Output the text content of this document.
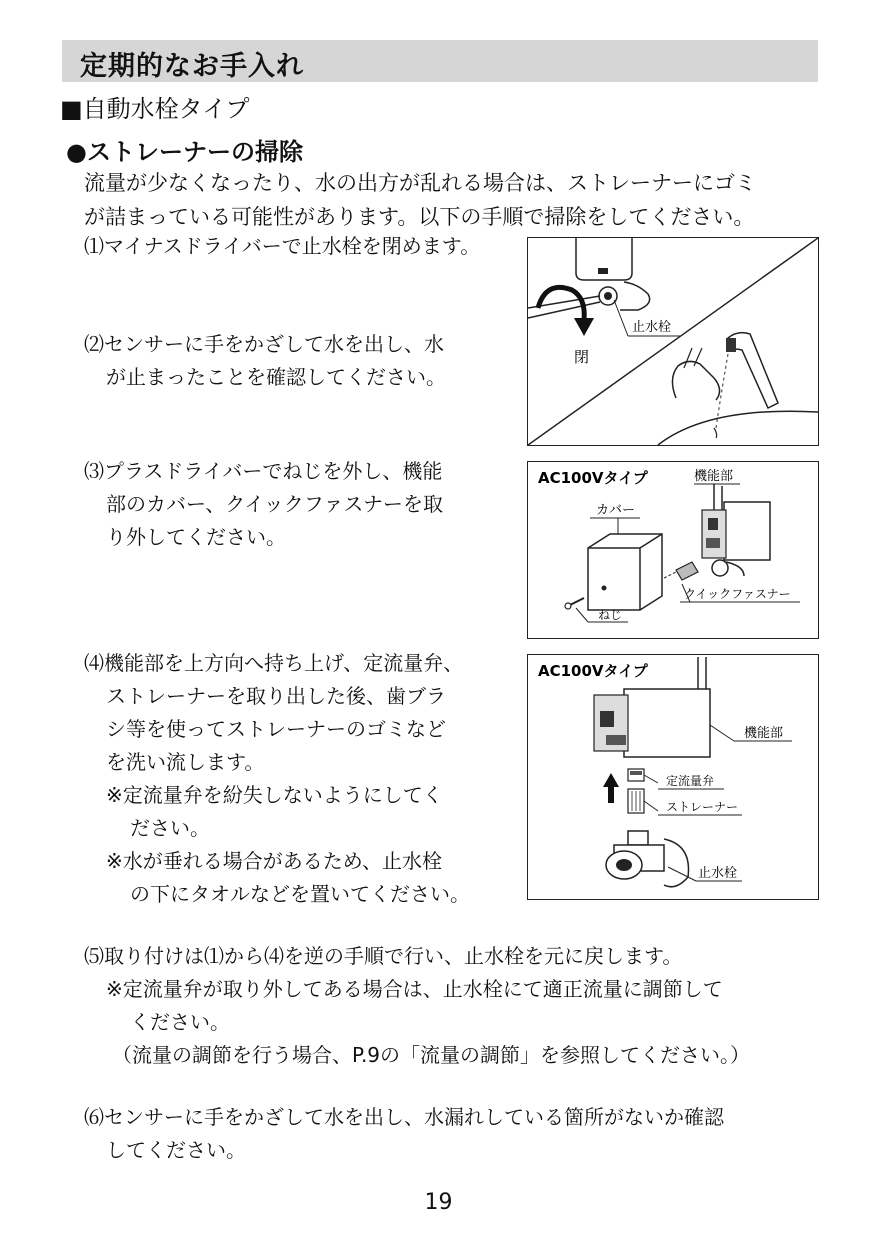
定期的なお手入れ
■自動水栓タイプ
●ストレーナーの掃除
流量が少なくなったり、水の出方が乱れる場合は、ストレーナーにゴミ
が詰まっている可能性があります。以下の手順で掃除をしてください。
⑴マイナスドライバーで止水栓を閉めます。
⑵センサーに手をかざして水を出し、水
が止まったことを確認してください。
止水栓
閉
⑶プラスドライバーでねじを外し、機能
部のカバー、クイックファスナーを取
り外してください。
AC100Vタイプ	機能部
カバー
クイックファスナー
ねじ
⑷機能部を上方向へ持ち上げ、定流量弁、
ストレーナーを取り出した後、歯ブラ
シ等を使ってストレーナーのゴミなど
を洗い流します。
※定流量弁を紛失しないようにしてく
ださい。
※水が垂れる場合があるため、止水栓
の下にタオルなどを置いてください。
AC100Vタイプ
機能部
定流量弁
ストレーナー
止水栓
⑸取り付けは⑴から⑷を逆の手順で行い、止水栓を元に戻します。
※定流量弁が取り外してある場合は、止水栓にて適正流量に調節して
ください。
（流量の調節を行う場合、P.9の「流量の調節」を参照してください。）
⑹センサーに手をかざして水を出し、水漏れしている箇所がないか確認
してください。
19
